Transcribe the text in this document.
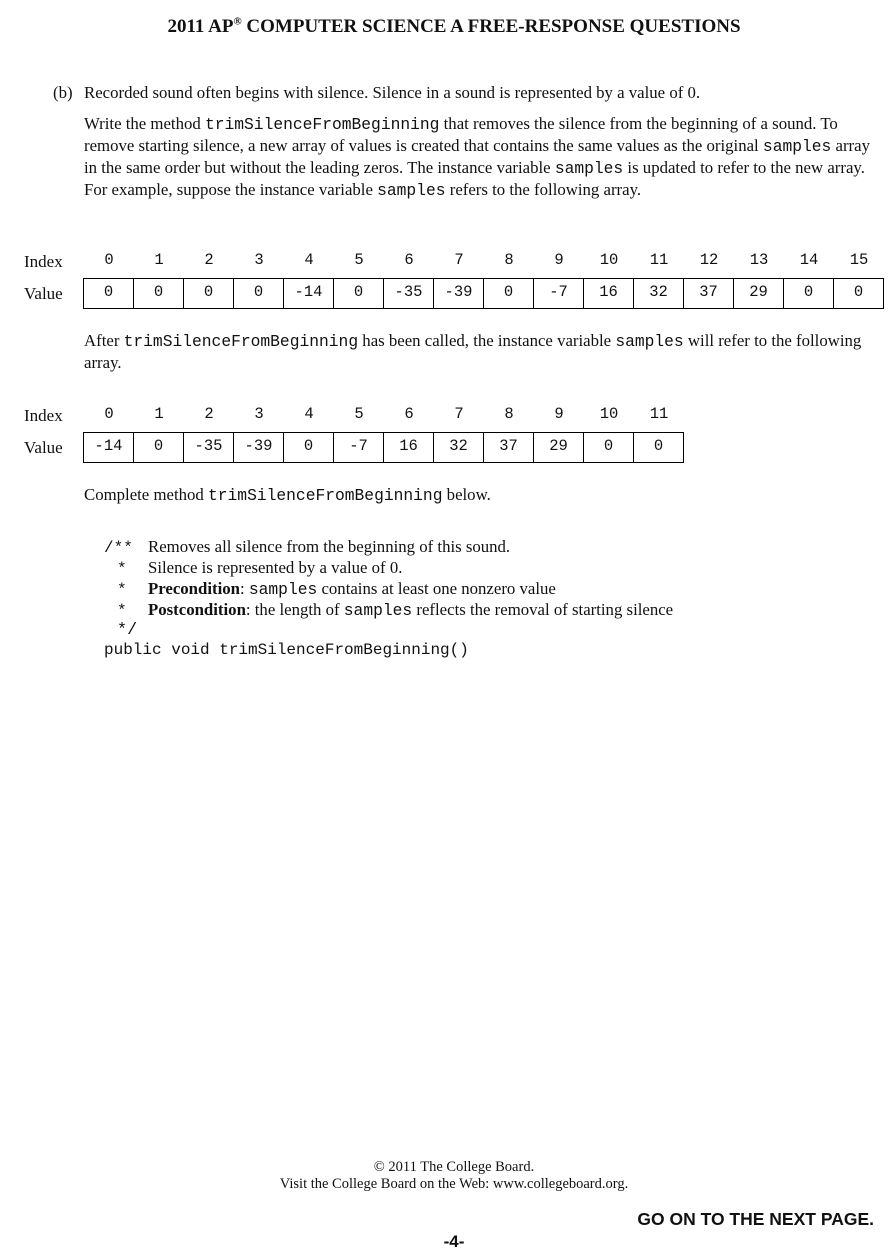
2011 AP® COMPUTER SCIENCE A FREE-RESPONSE QUESTIONS
(b) Recorded sound often begins with silence. Silence in a sound is represented by a value of 0.
Write the method trimSilenceFromBeginning that removes the silence from the beginning of a sound. To remove starting silence, a new array of values is created that contains the same values as the original samples array in the same order but without the leading zeros. The instance variable samples is updated to refer to the new array. For example, suppose the instance variable samples refers to the following array.
Index	0	1	2	3	4	5	6	7	8	9	10	11	12	13	14	15
Value	0	0	0	0	-14	0	-35	-39	0	-7	16	32	37	29	0	0
After trimSilenceFromBeginning has been called, the instance variable samples will refer to the following array.
Index	0	1	2	3	4	5	6	7	8	9	10	11
Value	-14	0	-35	-39	0	-7	16	32	37	29	0	0
Complete method trimSilenceFromBeginning below.
/** Removes all silence from the beginning of this sound.
* Silence is represented by a value of 0.
* Precondition: samples contains at least one nonzero value
* Postcondition: the length of samples reflects the removal of starting silence
*/
public void trimSilenceFromBeginning()
© 2011 The College Board.
Visit the College Board on the Web: www.collegeboard.org.
GO ON TO THE NEXT PAGE.
-4-
